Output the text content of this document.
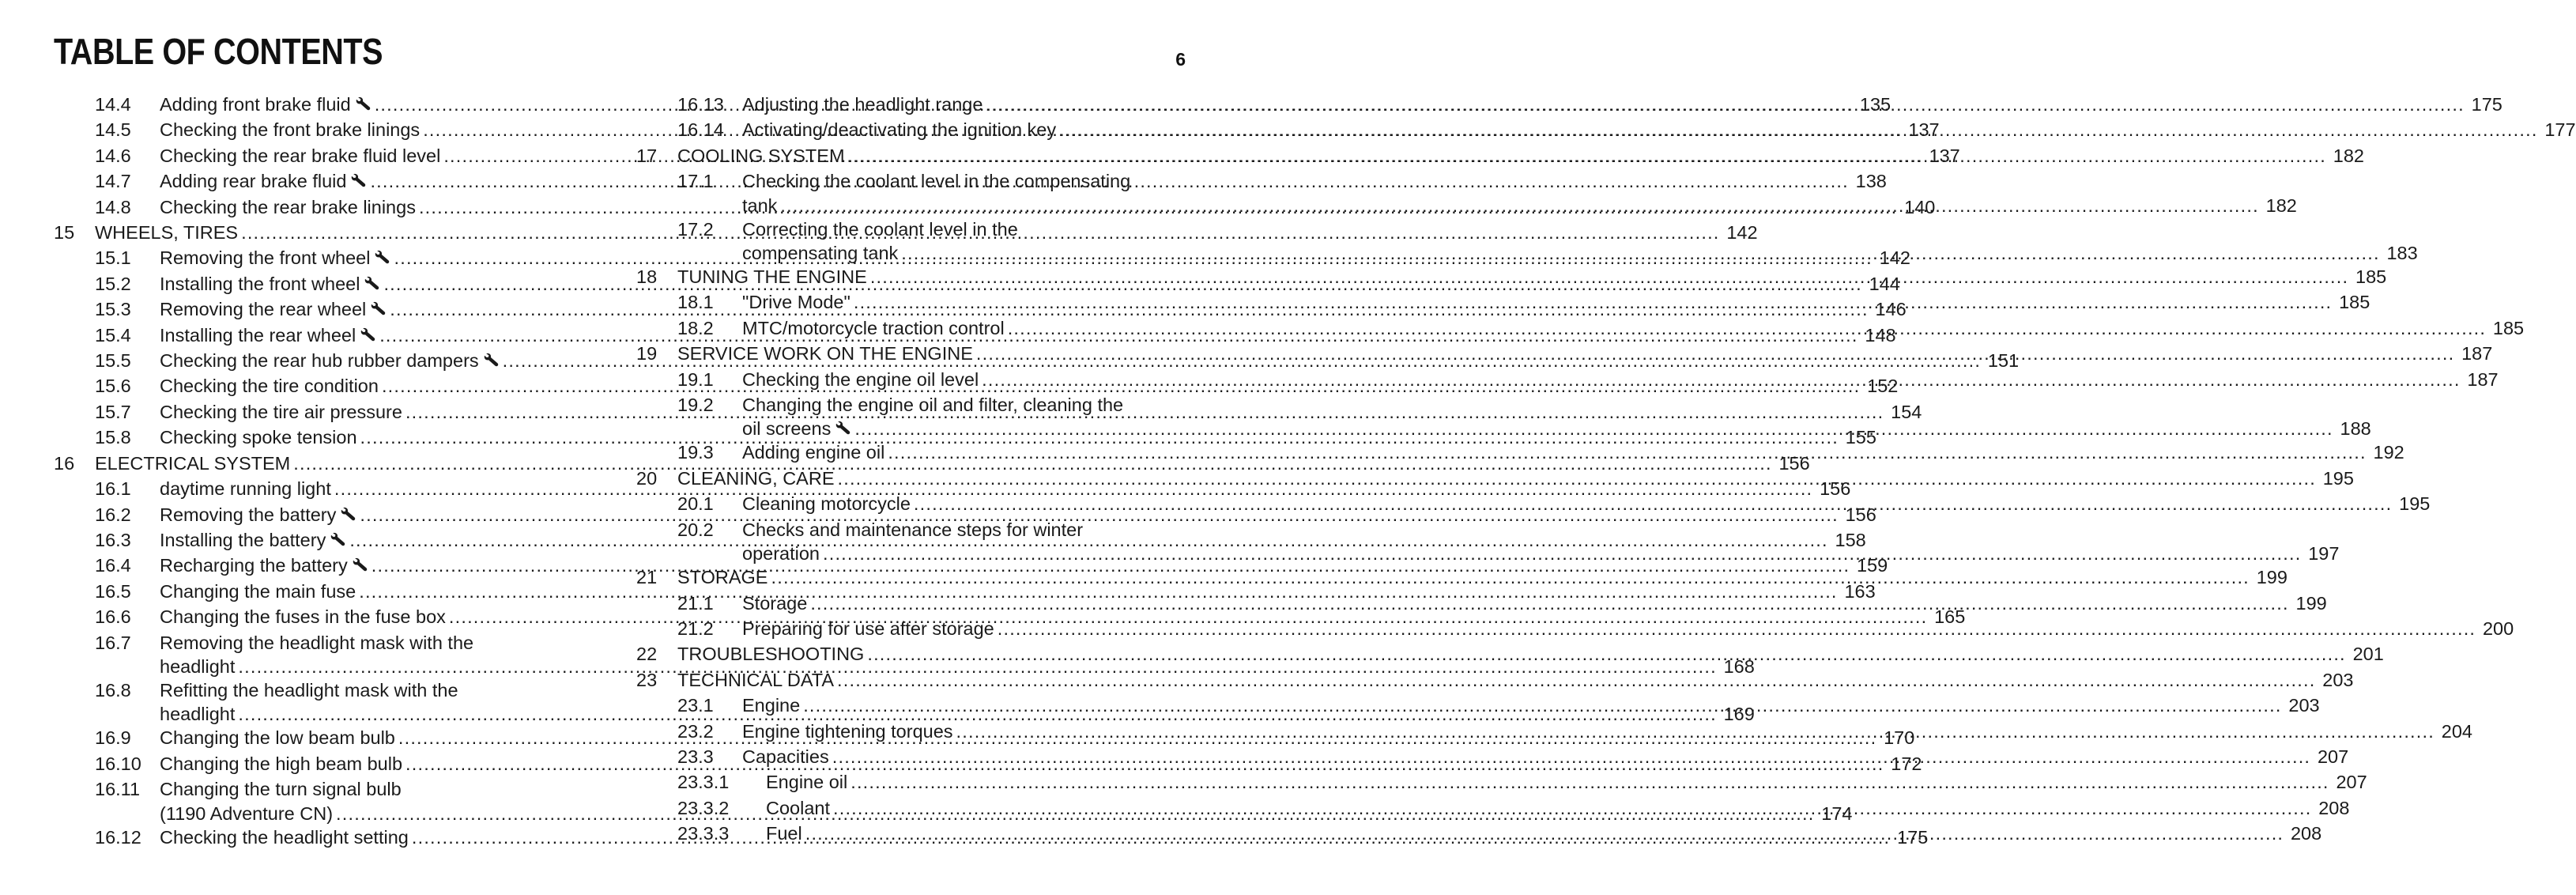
TABLE OF CONTENTS	6
14.4 Adding front brake fluid .....	135
14.5 Checking the front brake linings .....	137
14.6 Checking the rear brake fluid level .....	137
14.7 Adding rear brake fluid .....	138
14.8 Checking the rear brake linings .....	140
15 WHEELS, TIRES .....	142
15.1 Removing the front wheel .....	142
15.2 Installing the front wheel .....	144
15.3 Removing the rear wheel .....	146
15.4 Installing the rear wheel .....	148
15.5 Checking the rear hub rubber dampers .....	151
15.6 Checking the tire condition .....	152
15.7 Checking the tire air pressure .....	154
15.8 Checking spoke tension .....	155
16 ELECTRICAL SYSTEM .....	156
16.1 daytime running light .....	156
16.2 Removing the battery .....	156
16.3 Installing the battery .....	158
16.4 Recharging the battery .....	159
16.5 Changing the main fuse .....	163
16.6 Changing the fuses in the fuse box .....	165
16.7 Removing the headlight mask with the
headlight .....	168
16.8 Refitting the headlight mask with the
headlight .....	169
16.9 Changing the low beam bulb .....	170
16.10 Changing the high beam bulb .....	172
16.11 Changing the turn signal bulb
(1190 Adventure CN) .....	174
16.12 Checking the headlight setting .....	175
16.13 Adjusting the headlight range .....	175
16.14 Activating/deactivating the ignition key .....	177
17 COOLING SYSTEM .....	182
17.1 Checking the coolant level in the compensating
tank .....	182
17.2 Correcting the coolant level in the
compensating tank .....	183
18 TUNING THE ENGINE .....	185
18.1 "Drive Mode" .....	185
18.2 MTC/motorcycle traction control .....	185
19 SERVICE WORK ON THE ENGINE .....	187
19.1 Checking the engine oil level .....	187
19.2 Changing the engine oil and filter, cleaning the
oil screens .....	188
19.3 Adding engine oil .....	192
20 CLEANING, CARE .....	195
20.1 Cleaning motorcycle .....	195
20.2 Checks and maintenance steps for winter
operation .....	197
21 STORAGE .....	199
21.1 Storage .....	199
21.2 Preparing for use after storage .....	200
22 TROUBLESHOOTING .....	201
23 TECHNICAL DATA .....	203
23.1 Engine .....	203
23.2 Engine tightening torques .....	204
23.3 Capacities .....	207
23.3.1 Engine oil .....	207
23.3.2 Coolant .....	208
23.3.3 Fuel .....	208
